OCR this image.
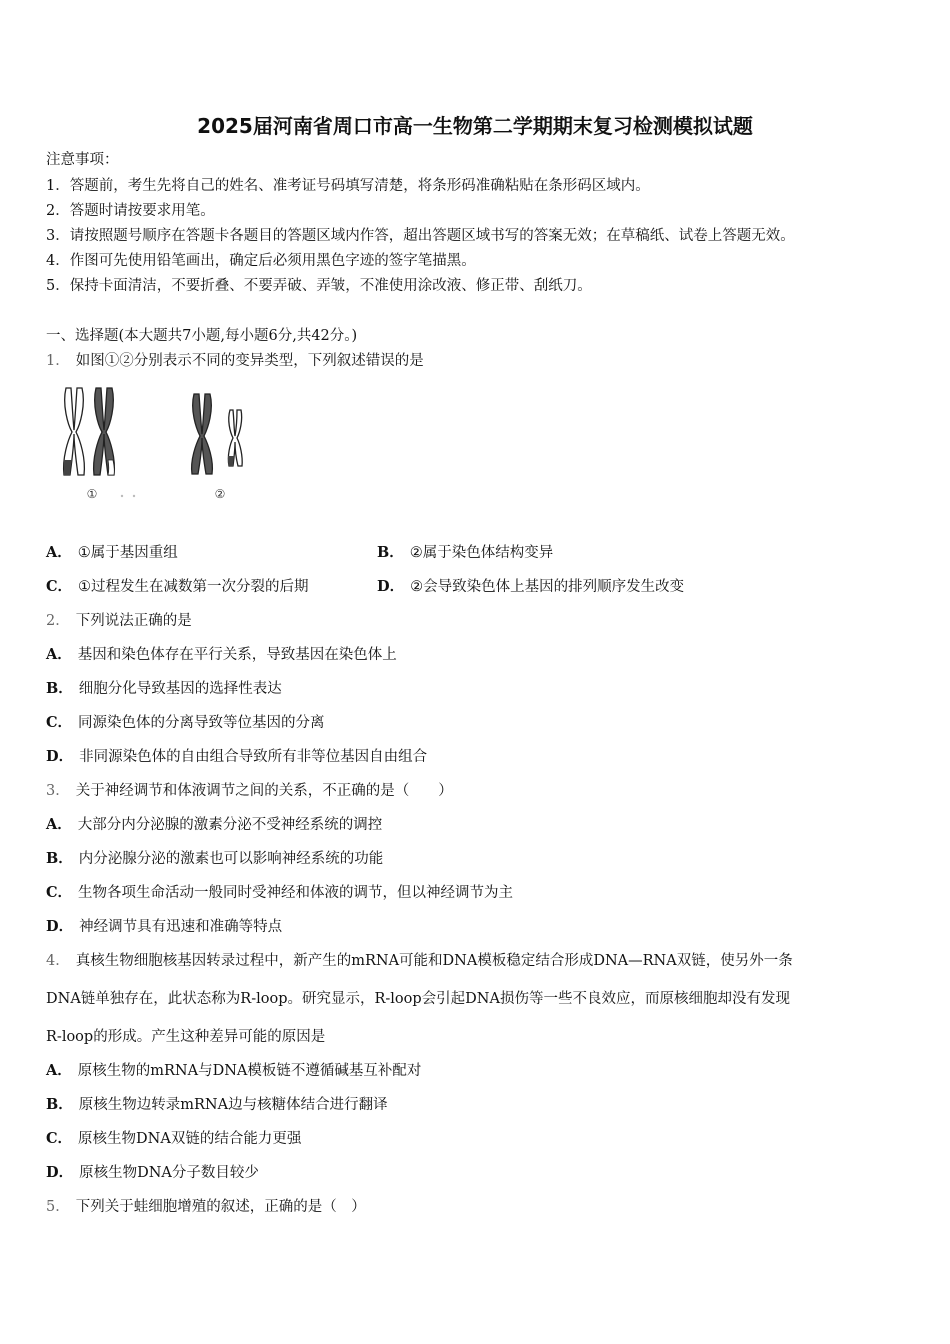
2025届河南省周口市高一生物第二学期期末复习检测模拟试题
注意事项：
1．答题前，考生先将自己的姓名、准考证号码填写清楚，将条形码准确粘贴在条形码区域内。
2．答题时请按要求用笔。
3．请按照题号顺序在答题卡各题目的答题区域内作答，超出答题区域书写的答案无效；在草稿纸、试卷上答题无效。
4．作图可先使用铅笔画出，确定后必须用黑色字迹的签字笔描黑。
5．保持卡面清洁，不要折叠、不要弄破、弄皱，不准使用涂改液、修正带、刮纸刀。
一、选择题(本大题共7小题,每小题6分,共42分。)
1． 如图①②分别表示不同的变异类型，下列叙述错误的是
①	②
A． ①属于基因重组	B． ②属于染色体结构变异
C． ①过程发生在减数第一次分裂的后期	D． ②会导致染色体上基因的排列顺序发生改变
2． 下列说法正确的是
A． 基因和染色体存在平行关系，导致基因在染色体上
B． 细胞分化导致基因的选择性表达
C． 同源染色体的分离导致等位基因的分离
D． 非同源染色体的自由组合导致所有非等位基因自由组合
3． 关于神经调节和体液调节之间的关系，不正确的是（　　）
A． 大部分内分泌腺的激素分泌不受神经系统的调控
B． 内分泌腺分泌的激素也可以影响神经系统的功能
C． 生物各项生命活动一般同时受神经和体液的调节，但以神经调节为主
D． 神经调节具有迅速和准确等特点
4． 真核生物细胞核基因转录过程中，新产生的mRNA可能和DNA模板稳定结合形成DNA—RNA双链，使另外一条
DNA链单独存在，此状态称为R-loop。研究显示，R-loop会引起DNA损伤等一些不良效应，而原核细胞却没有发现
R-loop的形成。产生这种差异可能的原因是
A． 原核生物的mRNA与DNA模板链不遵循碱基互补配对
B． 原核生物边转录mRNA边与核糖体结合进行翻译
C． 原核生物DNA双链的结合能力更强
D． 原核生物DNA分子数目较少
5． 下列关于蛙细胞增殖的叙述，正确的是（　）
